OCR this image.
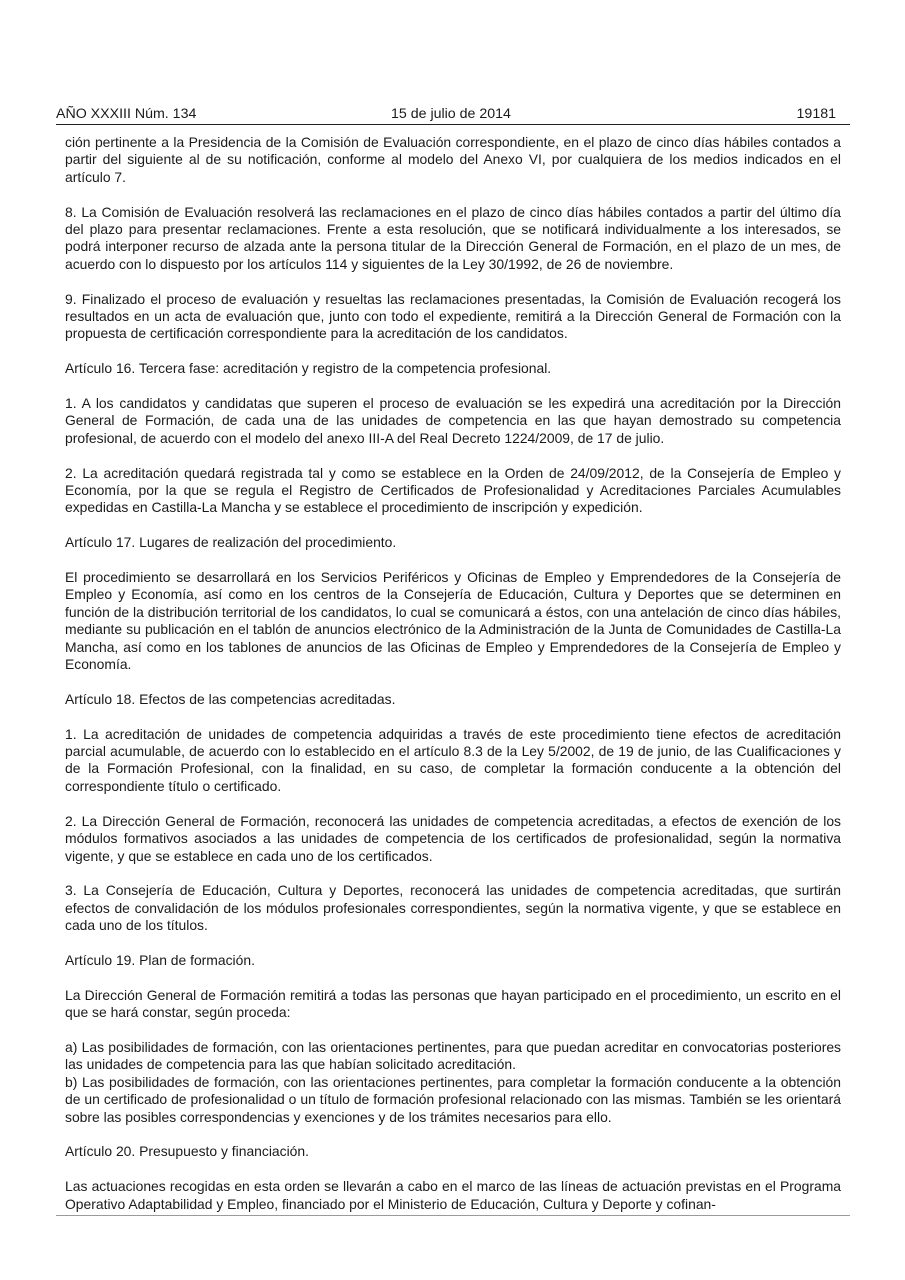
AÑO XXXIII Núm. 134	15 de julio de 2014	19181

ción pertinente a la Presidencia de la Comisión de Evaluación correspondiente, en el plazo de cinco días hábiles contados a partir del siguiente al de su notificación, conforme al modelo del Anexo VI, por cualquiera de los medios indicados en el artículo 7.

8. La Comisión de Evaluación resolverá las reclamaciones en el plazo de cinco días hábiles contados a partir del último día del plazo para presentar reclamaciones. Frente a esta resolución, que se notificará individualmente a los interesados, se podrá interponer recurso de alzada ante la persona titular de la Dirección General de Formación, en el plazo de un mes, de acuerdo con lo dispuesto por los artículos 114 y siguientes de la Ley 30/1992, de 26 de noviembre.

9. Finalizado el proceso de evaluación y resueltas las reclamaciones presentadas, la Comisión de Evaluación recogerá los resultados en un acta de evaluación que, junto con todo el expediente, remitirá a la Dirección General de Formación con la propuesta de certificación correspondiente para la acreditación de los candidatos.

Artículo 16. Tercera fase: acreditación y registro de la competencia profesional.

1. A los candidatos y candidatas que superen el proceso de evaluación se les expedirá una acreditación por la Dirección General de Formación, de cada una de las unidades de competencia en las que hayan demostrado su competencia profesional, de acuerdo con el modelo del anexo III-A del Real Decreto 1224/2009, de 17 de julio.

2. La acreditación quedará registrada tal y como se establece en la Orden de 24/09/2012, de la Consejería de Empleo y Economía, por la que se regula el Registro de Certificados de Profesionalidad y Acreditaciones Parciales Acumulables expedidas en Castilla-La Mancha y se establece el procedimiento de inscripción y expedición.

Artículo 17. Lugares de realización del procedimiento.

El procedimiento se desarrollará en los Servicios Periféricos y Oficinas de Empleo y Emprendedores de la Consejería de Empleo y Economía, así como en los centros de la Consejería de Educación, Cultura y Deportes que se determinen en función de la distribución territorial de los candidatos, lo cual se comunicará a éstos, con una antelación de cinco días hábiles, mediante su publicación en el tablón de anuncios electrónico de la Administración de la Junta de Comunidades de Castilla-La Mancha, así como en los tablones de anuncios de las Oficinas de Empleo y Emprendedores de la Consejería de Empleo y Economía.

Artículo 18. Efectos de las competencias acreditadas.

1. La acreditación de unidades de competencia adquiridas a través de este procedimiento tiene efectos de acreditación parcial acumulable, de acuerdo con lo establecido en el artículo 8.3 de la Ley 5/2002, de 19 de junio, de las Cualificaciones y de la Formación Profesional, con la finalidad, en su caso, de completar la formación conducente a la obtención del correspondiente título o certificado.

2. La Dirección General de Formación, reconocerá las unidades de competencia acreditadas, a efectos de exención de los módulos formativos asociados a las unidades de competencia de los certificados de profesionalidad, según la normativa vigente, y que se establece en cada uno de los certificados.

3. La Consejería de Educación, Cultura y Deportes, reconocerá las unidades de competencia acreditadas, que surtirán efectos de convalidación de los módulos profesionales correspondientes, según la normativa vigente, y que se establece en cada uno de los títulos.

Artículo 19. Plan de formación.

La Dirección General de Formación remitirá a todas las personas que hayan participado en el procedimiento, un escrito en el que se hará constar, según proceda:

a) Las posibilidades de formación, con las orientaciones pertinentes, para que puedan acreditar en convocatorias posteriores las unidades de competencia para las que habían solicitado acreditación.

b) Las posibilidades de formación, con las orientaciones pertinentes, para completar la formación conducente a la obtención de un certificado de profesionalidad o un título de formación profesional relacionado con las mismas. También se les orientará sobre las posibles correspondencias y exenciones y de los trámites necesarios para ello.

Artículo 20. Presupuesto y financiación.

Las actuaciones recogidas en esta orden se llevarán a cabo en el marco de las líneas de actuación previstas en el Programa Operativo Adaptabilidad y Empleo, financiado por el Ministerio de Educación, Cultura y Deporte y cofinan-
